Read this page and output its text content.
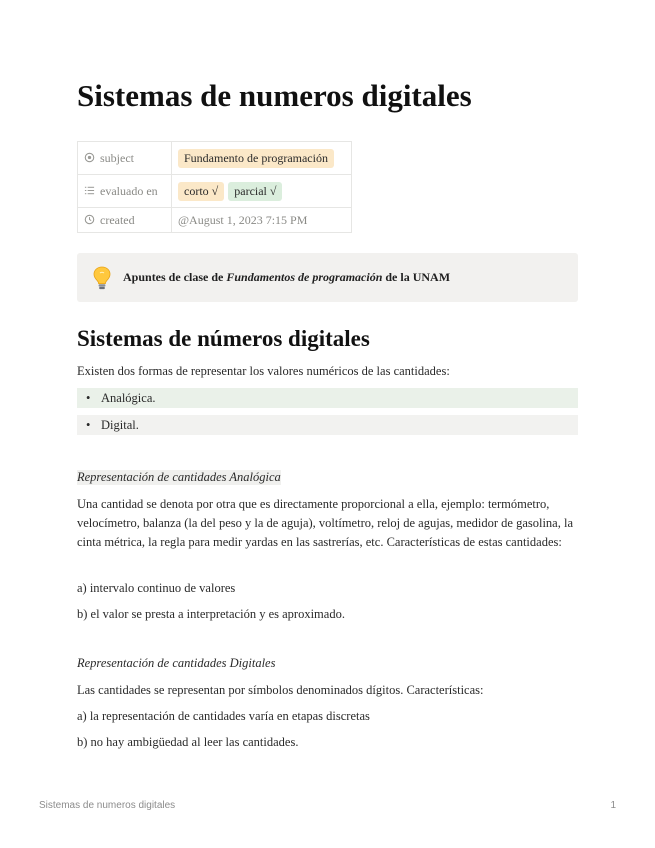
Sistemas de numeros digitales
subject	Fundamento de programación
evaluado en	corto √ parcial √
created	@August 1, 2023 7:15 PM
Apuntes de clase de Fundamentos de programación de la UNAM
Sistemas de números digitales

Existen dos formas de representar los valores numéricos de las cantidades:

• Analógica.
• Digital.

Representación de cantidades Analógica

Una cantidad se denota por otra que es directamente proporcional a ella, ejemplo: termómetro, velocímetro, balanza (la del peso y la de aguja), voltímetro, reloj de agujas, medidor de gasolina, la cinta métrica, la regla para medir yardas en las sastrerías, etc. Características de estas cantidades:

a) intervalo continuo de valores

b) el valor se presta a interpretación y es aproximado.

Representación de cantidades Digitales

Las cantidades se representan por símbolos denominados dígitos. Características:

a) la representación de cantidades varía en etapas discretas

b) no hay ambigüedad al leer las cantidades.

Sistemas de numeros digitales	1
